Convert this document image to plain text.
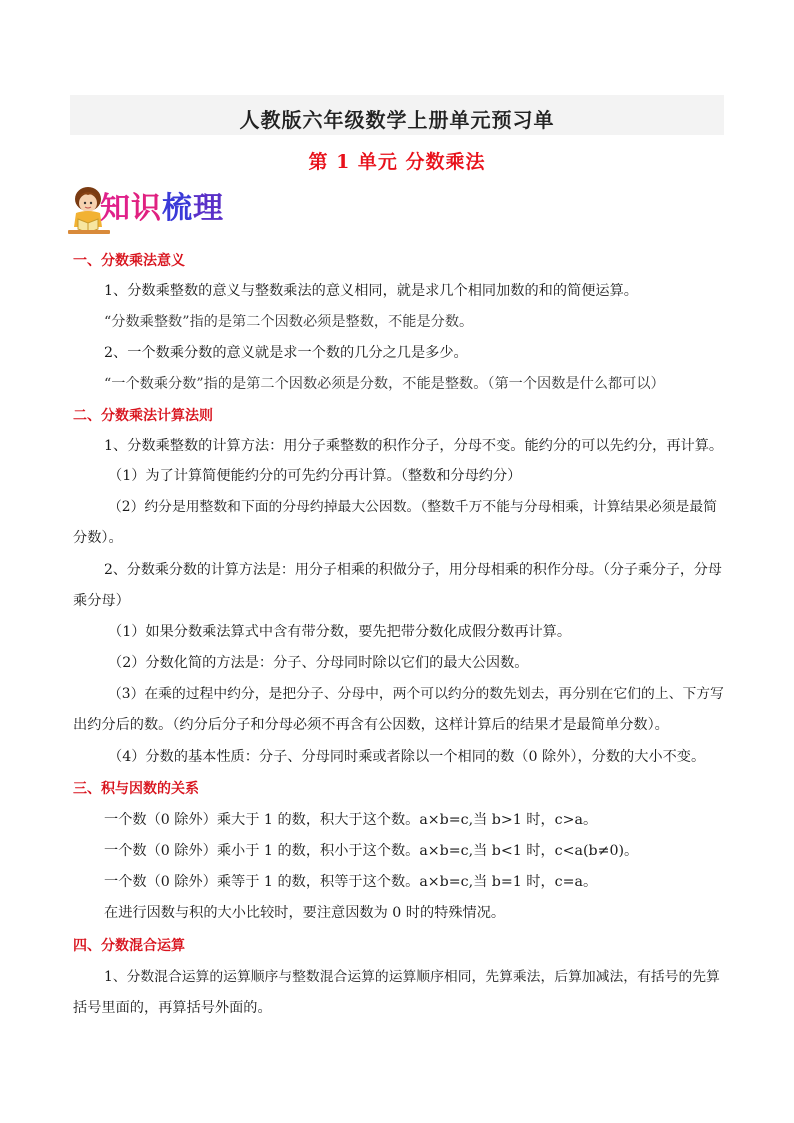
人教版六年级数学上册单元预习单
第 1 单元 分数乘法
知识梳理
一、分数乘法意义
1、分数乘整数的意义与整数乘法的意义相同，就是求几个相同加数的和的简便运算。
“分数乘整数”指的是第二个因数必须是整数，不能是分数。
2、一个数乘分数的意义就是求一个数的几分之几是多少。
“一个数乘分数”指的是第二个因数必须是分数，不能是整数。（第一个因数是什么都可以）
二、分数乘法计算法则
1、分数乘整数的计算方法：用分子乘整数的积作分子，分母不变。能约分的可以先约分，再计算。
（1）为了计算简便能约分的可先约分再计算。（整数和分母约分）
（2）约分是用整数和下面的分母约掉最大公因数。（整数千万不能与分母相乘，计算结果必须是最简
分数）。
2、分数乘分数的计算方法是：用分子相乘的积做分子，用分母相乘的积作分母。（分子乘分子，分母
乘分母）
（1）如果分数乘法算式中含有带分数，要先把带分数化成假分数再计算。
（2）分数化简的方法是：分子、分母同时除以它们的最大公因数。
（3）在乘的过程中约分，是把分子、分母中，两个可以约分的数先划去，再分别在它们的上、下方写
出约分后的数。（约分后分子和分母必须不再含有公因数，这样计算后的结果才是最简单分数）。
（4）分数的基本性质：分子、分母同时乘或者除以一个相同的数（0 除外），分数的大小不变。
三、积与因数的关系
一个数（0 除外）乘大于 1 的数，积大于这个数。a×b=c,当 b>1 时，c>a。
一个数（0 除外）乘小于 1 的数，积小于这个数。a×b=c,当 b<1 时，c<a(b≠0)。
一个数（0 除外）乘等于 1 的数，积等于这个数。a×b=c,当 b=1 时，c=a。
在进行因数与积的大小比较时，要注意因数为 0 时的特殊情况。
四、分数混合运算
1、分数混合运算的运算顺序与整数混合运算的运算顺序相同，先算乘法，后算加减法，有括号的先算
括号里面的，再算括号外面的。
